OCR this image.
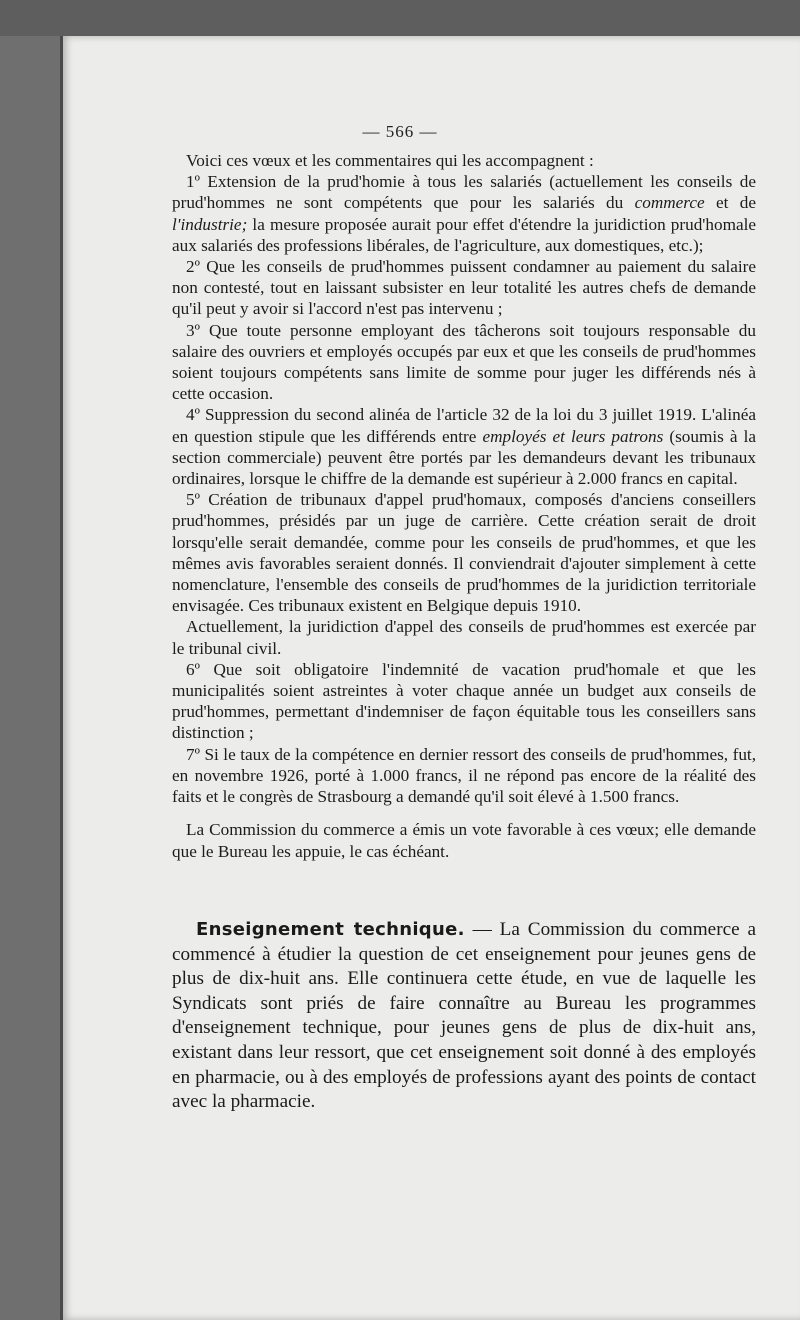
— 566 —

Voici ces vœux et les commentaires qui les accompagnent :

1º Extension de la prud'homie à tous les salariés (actuellement les conseils de prud'hommes ne sont compétents que pour les salariés du commerce et de l'industrie; la mesure proposée aurait pour effet d'étendre la juridiction prud'homale aux salariés des professions libérales, de l'agriculture, aux domestiques, etc.);

2º Que les conseils de prud'hommes puissent condamner au paiement du salaire non contesté, tout en laissant subsister en leur totalité les autres chefs de demande qu'il peut y avoir si l'accord n'est pas intervenu ;

3º Que toute personne employant des tâcherons soit toujours responsable du salaire des ouvriers et employés occupés par eux et que les conseils de prud'hommes soient toujours compétents sans limite de somme pour juger les différends nés à cette occasion.

4º Suppression du second alinéa de l'article 32 de la loi du 3 juillet 1919. L'alinéa en question stipule que les différends entre employés et leurs patrons (soumis à la section commerciale) peuvent être portés par les demandeurs devant les tribunaux ordinaires, lorsque le chiffre de la demande est supérieur à 2.000 francs en capital.

5º Création de tribunaux d'appel prud'homaux, composés d'anciens conseillers prud'hommes, présidés par un juge de carrière. Cette création serait de droit lorsqu'elle serait demandée, comme pour les conseils de prud'hommes, et que les mêmes avis favorables seraient donnés. Il conviendrait d'ajouter simplement à cette nomenclature, l'ensemble des conseils de prud'hommes de la juridiction territoriale envisagée. Ces tribunaux existent en Belgique depuis 1910.

Actuellement, la juridiction d'appel des conseils de prud'hommes est exercée par le tribunal civil.

6º Que soit obligatoire l'indemnité de vacation prud'homale et que les municipalités soient astreintes à voter chaque année un budget aux conseils de prud'hommes, permettant d'indemniser de façon équitable tous les conseillers sans distinction ;

7º Si le taux de la compétence en dernier ressort des conseils de prud'hommes, fut, en novembre 1926, porté à 1.000 francs, il ne répond pas encore de la réalité des faits et le congrès de Strasbourg a demandé qu'il soit élevé à 1.500 francs.

La Commission du commerce a émis un vote favorable à ces vœux; elle demande que le Bureau les appuie, le cas échéant.

Enseignement technique. — La Commission du commerce a commencé à étudier la question de cet enseignement pour jeunes gens de plus de dix-huit ans. Elle continuera cette étude, en vue de laquelle les Syndicats sont priés de faire connaître au Bureau les programmes d'enseignement technique, pour jeunes gens de plus de dix-huit ans, existant dans leur ressort, que cet enseignement soit donné à des employés en pharmacie, ou à des employés de professions ayant des points de contact avec la pharmacie.
